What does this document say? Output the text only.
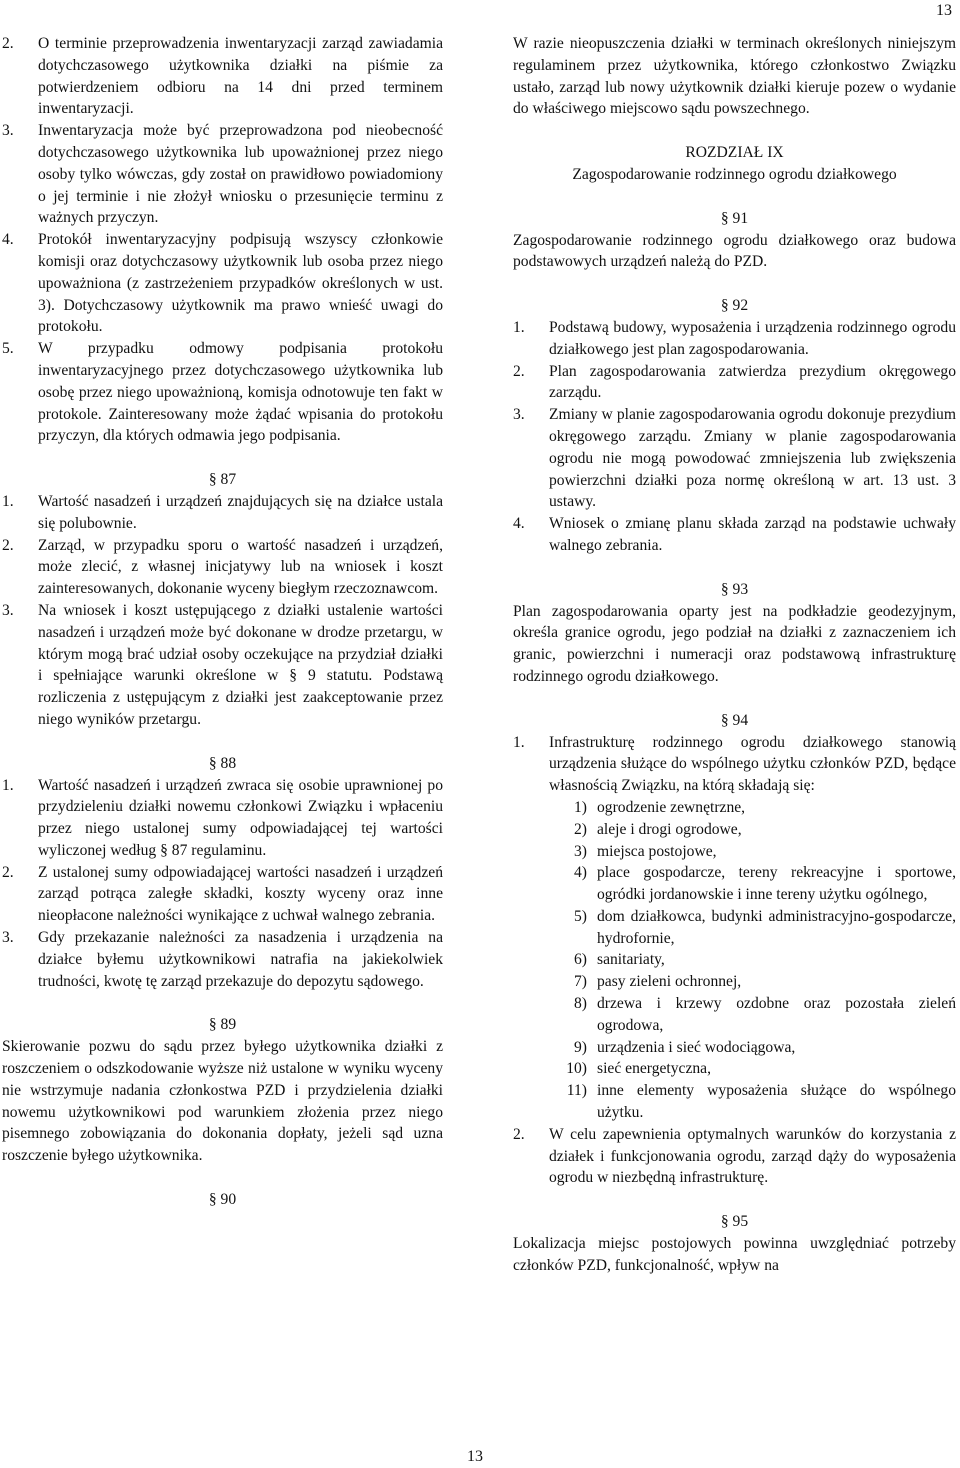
13
2.	O terminie przeprowadzenia inwentaryzacji zarząd zawiadamia dotychczasowego użytkownika działki na piśmie za potwierdzeniem odbioru na 14 dni przed terminem inwentaryzacji.
3.	Inwentaryzacja może być przeprowadzona pod nieobecność dotychczasowego użytkownika lub upoważnionej przez niego osoby tylko wówczas, gdy został on prawidłowo powiadomiony o jej terminie i nie złożył wniosku o przesunięcie terminu z ważnych przyczyn.
4.	Protokół inwentaryzacyjny podpisują wszyscy członkowie komisji oraz dotychczasowy użytkownik lub osoba przez niego upoważniona (z zastrzeżeniem przypadków określonych w ust. 3). Dotychczasowy użytkownik ma prawo wnieść uwagi do protokołu.
5.	W przypadku odmowy podpisania protokołu inwentaryzacyjnego przez dotychczasowego użytkownika lub osobę przez niego upoważnioną, komisja odnotowuje ten fakt w protokole. Zainteresowany może żądać wpisania do protokołu przyczyn, dla których odmawia jego podpisania.
§ 87
1.	Wartość nasadzeń i urządzeń znajdujących się na działce ustala się polubownie.
2.	Zarząd, w przypadku sporu o wartość nasadzeń i urządzeń, może zlecić, z własnej inicjatywy lub na wniosek i koszt zainteresowanych, dokonanie wyceny biegłym rzeczoznawcom.
3.	Na wniosek i koszt ustępującego z działki ustalenie wartości nasadzeń i urządzeń może być dokonane w drodze przetargu, w którym mogą brać udział osoby oczekujące na przydział działki i spełniające warunki określone w § 9 statutu. Podstawą rozliczenia z ustępującym z działki jest zaakceptowanie przez niego wyników przetargu.
§ 88
1.	Wartość nasadzeń i urządzeń zwraca się osobie uprawnionej po przydzieleniu działki nowemu członkowi Związku i wpłaceniu przez niego ustalonej sumy odpowiadającej tej wartości wyliczonej według § 87 regulaminu.
2.	Z ustalonej sumy odpowiadającej wartości nasadzeń i urządzeń zarząd potrąca zaległe składki, koszty wyceny oraz inne nieopłacone należności wynikające z uchwał walnego zebrania.
3.	Gdy przekazanie należności za nasadzenia i urządzenia na działce byłemu użytkownikowi natrafia na jakiekolwiek trudności, kwotę tę zarząd przekazuje do depozytu sądowego.
§ 89
Skierowanie pozwu do sądu przez byłego użytkownika działki z roszczeniem o odszkodowanie wyższe niż ustalone w wyniku wyceny nie wstrzymuje nadania członkostwa PZD i przydzielenia działki nowemu użytkownikowi pod warunkiem złożenia przez niego pisemnego zobowiązania do dokonania dopłaty, jeżeli sąd uzna roszczenie byłego użytkownika.
§ 90
W razie nieopuszczenia działki w terminach określonych niniejszym regulaminem przez użytkownika, którego członkostwo Związku ustało, zarząd lub nowy użytkownik działki kieruje pozew o wydanie do właściwego miejscowo sądu powszechnego.
ROZDZIAŁ IX
Zagospodarowanie rodzinnego ogrodu działkowego
§ 91
Zagospodarowanie rodzinnego ogrodu działkowego oraz budowa podstawowych urządzeń należą do PZD.
§ 92
1.	Podstawą budowy, wyposażenia i urządzenia rodzinnego ogrodu działkowego jest plan zagospodarowania.
2.	Plan zagospodarowania zatwierdza prezydium okręgowego zarządu.
3.	Zmiany w planie zagospodarowania ogrodu dokonuje prezydium okręgowego zarządu. Zmiany w planie zagospodarowania ogrodu nie mogą powodować zmniejszenia lub zwiększenia powierzchni działki poza normę określoną w art. 13 ust. 3 ustawy.
4.	Wniosek o zmianę planu składa zarząd na podstawie uchwały walnego zebrania.
§ 93
Plan zagospodarowania oparty jest na podkładzie geodezyjnym, określa granice ogrodu, jego podział na działki z zaznaczeniem ich granic, powierzchni i numeracji oraz podstawową infrastrukturę rodzinnego ogrodu działkowego.
§ 94
1.	Infrastrukturę rodzinnego ogrodu działkowego stanowią urządzenia służące do wspólnego użytku członków PZD, będące własnością Związku, na którą składają się:
1) ogrodzenie zewnętrzne,
2) aleje i drogi ogrodowe,
3) miejsca postojowe,
4) place gospodarcze, tereny rekreacyjne i sportowe, ogródki jordanowskie i inne tereny użytku ogólnego,
5) dom działkowca, budynki administracyjno-gospodarcze, hydrofornie,
6) sanitariaty,
7) pasy zieleni ochronnej,
8) drzewa i krzewy ozdobne oraz pozostała zieleń ogrodowa,
9) urządzenia i sieć wodociągowa,
10) sieć energetyczna,
11) inne elementy wyposażenia służące do wspólnego użytku.
2.	W celu zapewnienia optymalnych warunków do korzystania z działek i funkcjonowania ogrodu, zarząd dąży do wyposażenia ogrodu w niezbędną infrastrukturę.
§ 95
Lokalizacja miejsc postojowych powinna uwzględniać potrzeby członków PZD, funkcjonalność, wpływ na
13
